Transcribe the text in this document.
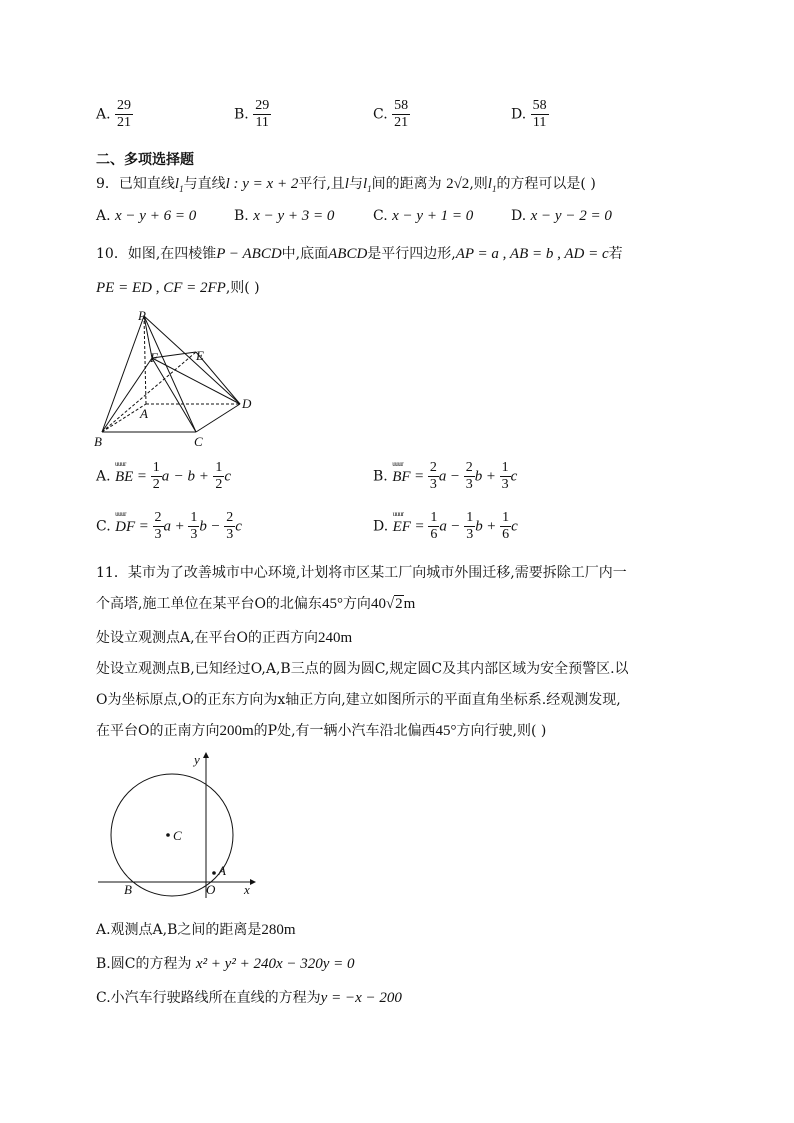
A. $\frac{29}{21}$	B. $\frac{29}{11}$	C. $\frac{58}{21}$	D. $\frac{58}{11}$
二、多项选择题
9．已知直线$l_1$与直线l : y = x + 2平行,且l与$l_1$间的距离为 2√2,则$l_1$的方程可以是( )
A. x − y + 6 = 0	B. x − y + 3 = 0	C. x − y + 1 = 0	D. x − y − 2 = 0
10．如图,在四棱锥P − ABCD中,底面ABCD是平行四边形,AP = a , AB = b , AD = c若
PE = ED , CF = 2FP,则( )
P
F	E
A
D
B	C
A. uuur BE = $\frac{1}{2}$ $a - b + \frac{1}{2}$ c	B. uuur BF = $\frac{2}{3}$ $a - \frac{2}{3}$ $b + \frac{1}{3}$ c
C. uuur DF = $\frac{2}{3}$ $a + \frac{1}{3}$ $b - \frac{2}{3}$ c	D. uuur EF = $\frac{1}{6}$ $a - \frac{1}{3}$ $b + \frac{1}{6}$ c
11．某市为了改善城市中心环境,计划将市区某工厂向城市外围迁移,需要拆除工厂内一
个高塔,施工单位在某平台O的北偏东45°方向40√2m
处设立观测点A,在平台O的正西方向240m
处设立观测点B,已知经过O,A,B三点的圆为圆C,规定圆C及其内部区域为安全预警区.以
O为坐标原点,O的正东方向为x轴正方向,建立如图所示的平面直角坐标系.经观测发现,
在平台O的正南方向200m的P处,有一辆小汽车沿北偏西45°方向行驶,则( )
y
x
C
A
B	O
A.观测点A,B之间的距离是280m
B.圆C的方程为 x² + y² + 240x − 320y = 0
C.小汽车行驶路线所在直线的方程为y = −x − 200
